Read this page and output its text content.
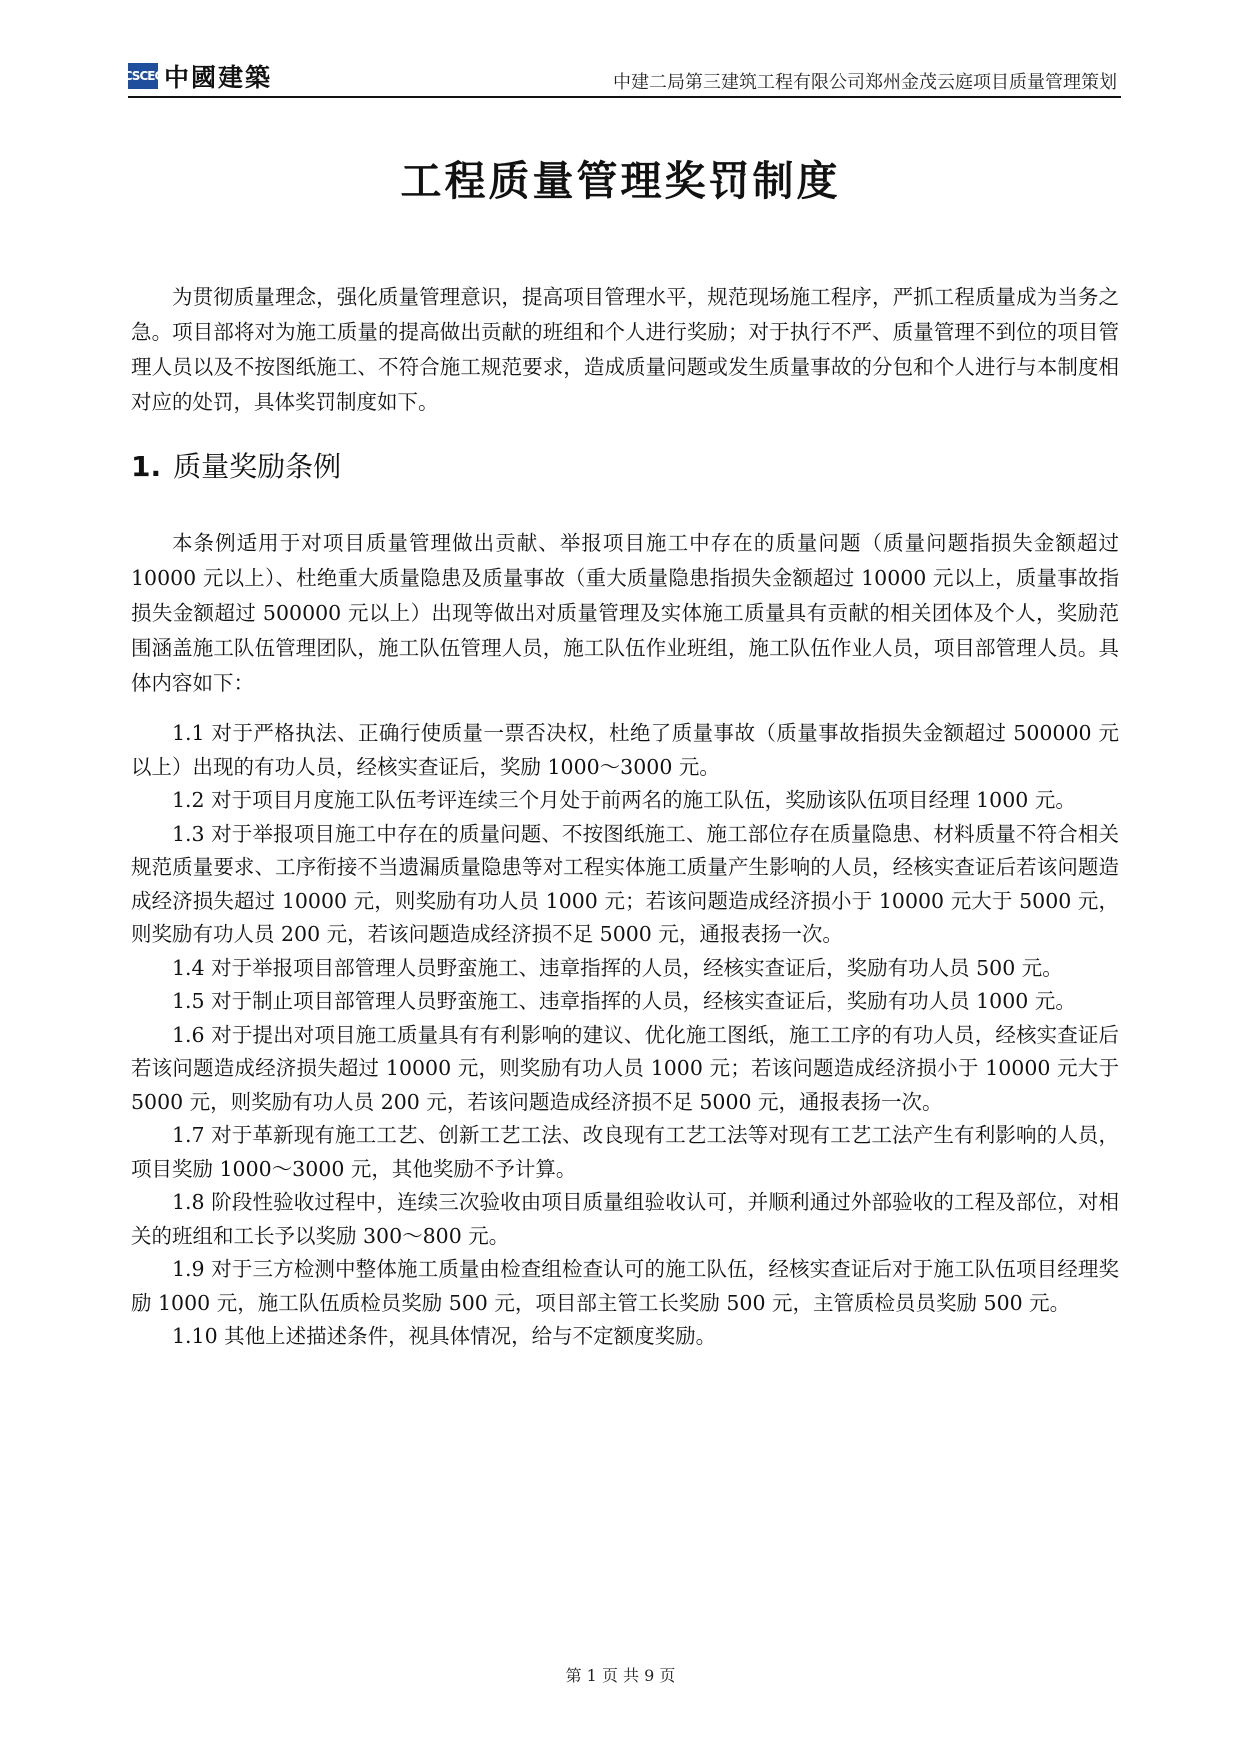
CSCEC 中國建築	中建二局第三建筑工程有限公司郑州金茂云庭项目质量管理策划
工程质量管理奖罚制度

为贯彻质量理念，强化质量管理意识，提高项目管理水平，规范现场施工程序，严抓工程质量成为当务之急。项目部将对为施工质量的提高做出贡献的班组和个人进行奖励；对于执行不严、质量管理不到位的项目管理人员以及不按图纸施工、不符合施工规范要求，造成质量问题或发生质量事故的分包和个人进行与本制度相对应的处罚，具体奖罚制度如下。

1. 质量奖励条例

本条例适用于对项目质量管理做出贡献、举报项目施工中存在的质量问题（质量问题指损失金额超过 10000 元以上）、杜绝重大质量隐患及质量事故（重大质量隐患指损失金额超过 10000 元以上，质量事故指损失金额超过 500000 元以上）出现等做出对质量管理及实体施工质量具有贡献的相关团体及个人，奖励范围涵盖施工队伍管理团队，施工队伍管理人员，施工队伍作业班组，施工队伍作业人员，项目部管理人员。具体内容如下：

1.1 对于严格执法、正确行使质量一票否决权，杜绝了质量事故（质量事故指损失金额超过 500000 元以上）出现的有功人员，经核实查证后，奖励 1000～3000 元。

1.2 对于项目月度施工队伍考评连续三个月处于前两名的施工队伍，奖励该队伍项目经理 1000 元。

1.3 对于举报项目施工中存在的质量问题、不按图纸施工、施工部位存在质量隐患、材料质量不符合相关规范质量要求、工序衔接不当遗漏质量隐患等对工程实体施工质量产生影响的人员，经核实查证后若该问题造成经济损失超过 10000 元，则奖励有功人员 1000 元；若该问题造成经济损小于 10000 元大于 5000 元，则奖励有功人员 200 元，若该问题造成经济损不足 5000 元，通报表扬一次。

1.4 对于举报项目部管理人员野蛮施工、违章指挥的人员，经核实查证后，奖励有功人员 500 元。

1.5 对于制止项目部管理人员野蛮施工、违章指挥的人员，经核实查证后，奖励有功人员 1000 元。

1.6 对于提出对项目施工质量具有有利影响的建议、优化施工图纸，施工工序的有功人员，经核实查证后若该问题造成经济损失超过 10000 元，则奖励有功人员 1000 元；若该问题造成经济损小于 10000 元大于 5000 元，则奖励有功人员 200 元，若该问题造成经济损不足 5000 元，通报表扬一次。

1.7 对于革新现有施工工艺、创新工艺工法、改良现有工艺工法等对现有工艺工法产生有利影响的人员，项目奖励 1000～3000 元，其他奖励不予计算。

1.8 阶段性验收过程中，连续三次验收由项目质量组验收认可，并顺利通过外部验收的工程及部位，对相关的班组和工长予以奖励 300～800 元。

1.9 对于三方检测中整体施工质量由检查组检查认可的施工队伍，经核实查证后对于施工队伍项目经理奖励 1000 元，施工队伍质检员奖励 500 元，项目部主管工长奖励 500 元，主管质检员员奖励 500 元。

1.10 其他上述描述条件，视具体情况，给与不定额度奖励。

第 1 页 共 9 页
